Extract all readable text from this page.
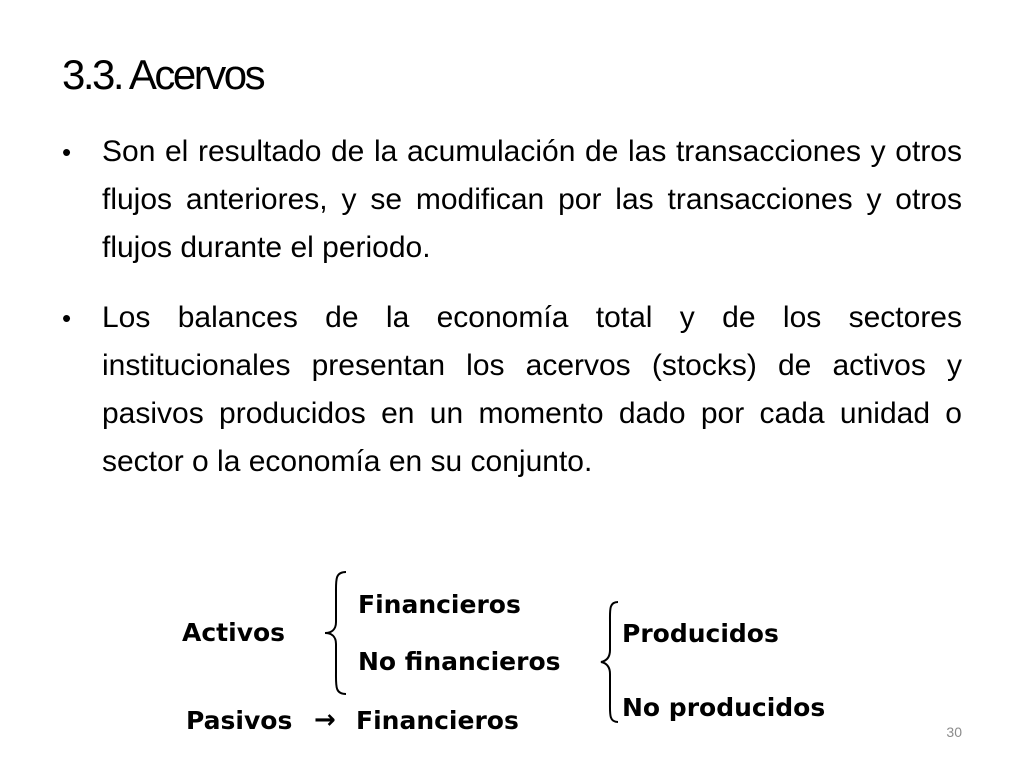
3.3. Acervos
• Son el resultado de la acumulación de las transacciones y otros flujos anteriores, y se modifican por las transacciones y otros flujos durante el periodo.
• Los balances de la economía total y de los sectores institucionales presentan los acervos (stocks) de activos y pasivos producidos en un momento dado por cada unidad o sector o la economía en su conjunto.
Activos
Financieros
No financieros
Producidos
No producidos
Pasivos → Financieros	30
